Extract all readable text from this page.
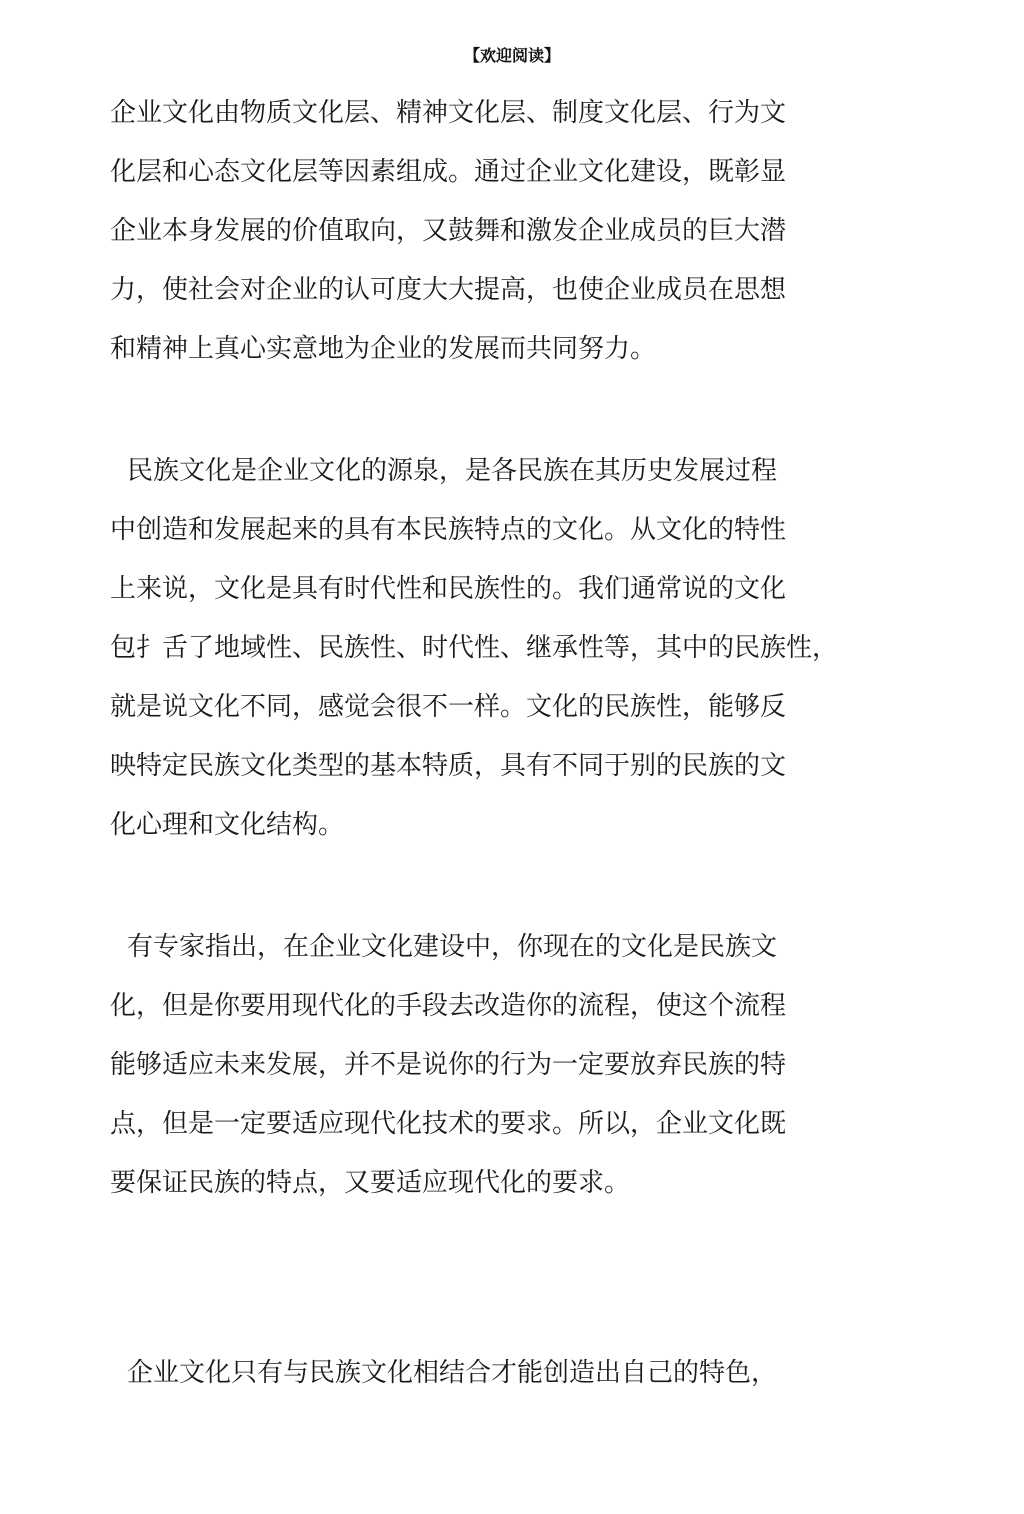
【欢迎阅读】
企业文化由物质文化层、精神文化层、制度文化层、行为文
化层和心态文化层等因素组成。通过企业文化建设，既彰显
企业本身发展的价值取向，又鼓舞和激发企业成员的巨大潜
力，使社会对企业的认可度大大提高，也使企业成员在思想
和精神上真心实意地为企业的发展而共同努力。
民族文化是企业文化的源泉，是各民族在其历史发展过程
中创造和发展起来的具有本民族特点的文化。从文化的特性
上来说，文化是具有时代性和民族性的。我们通常说的文化
包扌舌了地域性、民族性、时代性、继承性等，其中的民族性，
就是说文化不同，感觉会很不一样。文化的民族性，能够反
映特定民族文化类型的基本特质，具有不同于别的民族的文
化心理和文化结构。
有专家指出，在企业文化建设中，你现在的文化是民族文
化，但是你要用现代化的手段去改造你的流程，使这个流程
能够适应未来发展，并不是说你的行为一定要放弃民族的特
点，但是一定要适应现代化技术的要求。所以，企业文化既
要保证民族的特点，又要适应现代化的要求。
企业文化只有与民族文化相结合才能创造出自己的特色，
